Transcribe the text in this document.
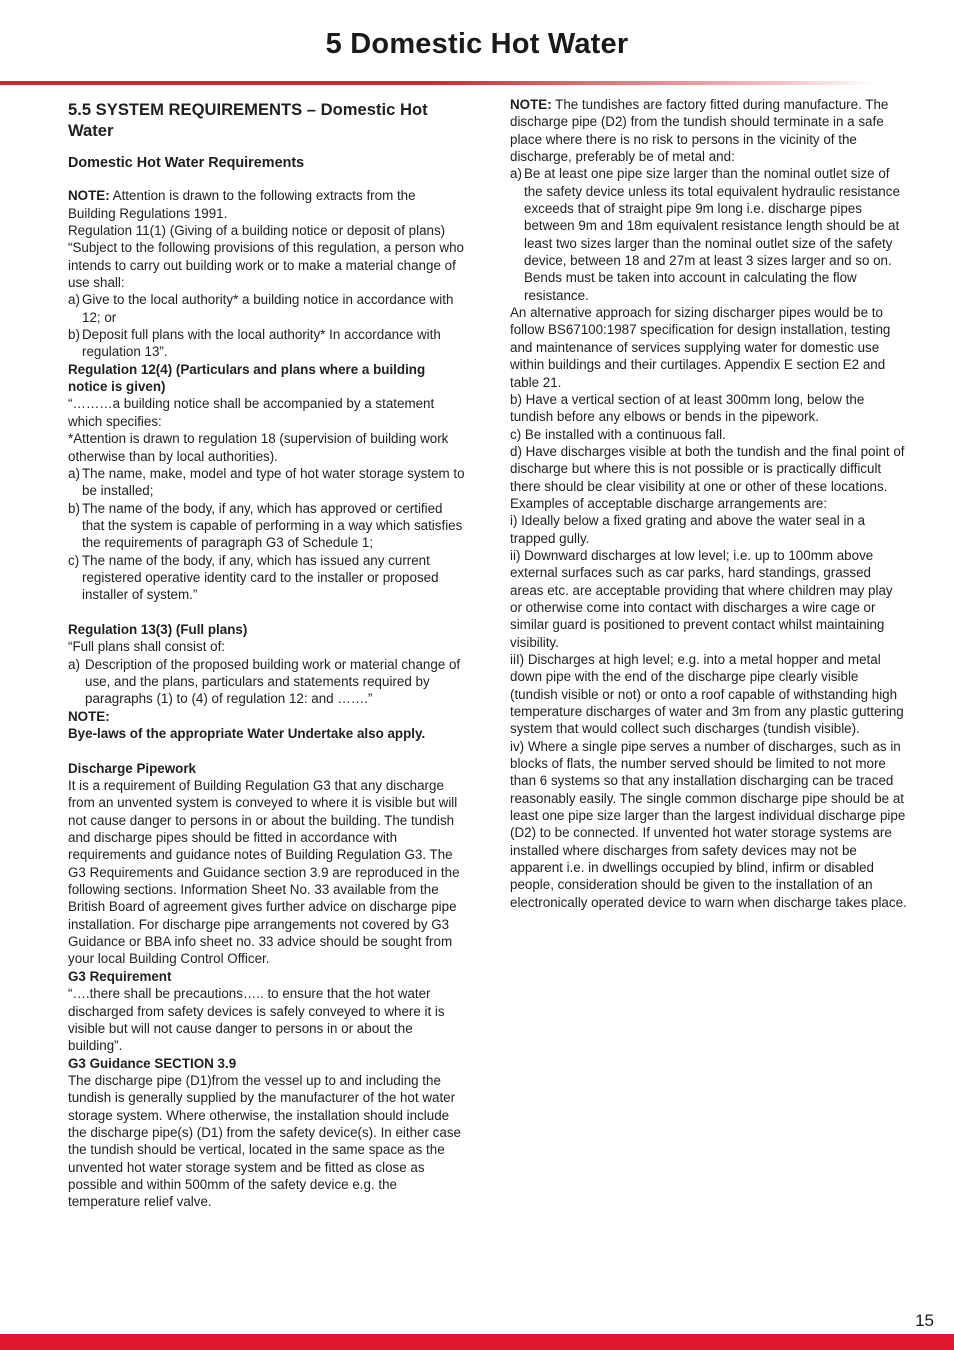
5 Domestic Hot Water

5.5 SYSTEM REQUIREMENTS – Domestic Hot Water

Domestic Hot Water Requirements

NOTE: Attention is drawn to the following extracts from the Building Regulations 1991.

Regulation 11(1) (Giving of a building notice or deposit of plans)

“Subject to the following provisions of this regulation, a person who intends to carry out building work or to make a material change of use shall:

a) Give to the local authority* a building notice in accordance with 12; or
b) Deposit full plans with the local authority* In accordance with regulation 13”.

Regulation 12(4) (Particulars and plans where a building notice is given)

“………a building notice shall be accompanied by a statement which specifies:

*Attention is drawn to regulation 18 (supervision of building work otherwise than by local authorities).

a) The name, make, model and type of hot water storage system to be installed;
b) The name of the body, if any, which has approved or certified that the system is capable of performing in a way which satisfies the requirements of paragraph G3 of Schedule 1;
c) The name of the body, if any, which has issued any current registered operative identity card to the installer or proposed installer of system.”

Regulation 13(3) (Full plans)

“Full plans shall consist of:

a) Description of the proposed building work or material change of use, and the plans, particulars and statements required by paragraphs (1) to (4) of regulation 12: and …….”

NOTE:

Bye-laws of the appropriate Water Undertake also apply.

Discharge Pipework

It is a requirement of Building Regulation G3 that any discharge from an unvented system is conveyed to where it is visible but will not cause danger to persons in or about the building. The tundish and discharge pipes should be fitted in accordance with requirements and guidance notes of Building Regulation G3. The G3 Requirements and Guidance section 3.9 are reproduced in the following sections. Information Sheet No. 33 available from the British Board of agreement gives further advice on discharge pipe installation. For discharge pipe arrangements not covered by G3 Guidance or BBA info sheet no. 33 advice should be sought from your local Building Control Officer.

G3 Requirement

“….there shall be precautions….. to ensure that the hot water discharged from safety devices is safely conveyed to where it is visible but will not cause danger to persons in or about the building”.

G3 Guidance SECTION 3.9

The discharge pipe (D1)from the vessel up to and including the tundish is generally supplied by the manufacturer of the hot water storage system. Where otherwise, the installation should include the discharge pipe(s) (D1) from the safety device(s). In either case the tundish should be vertical, located in the same space as the unvented hot water storage system and be fitted as close as possible and within 500mm of the safety device e.g. the temperature relief valve.

NOTE: The tundishes are factory fitted during manufacture. The discharge pipe (D2) from the tundish should terminate in a safe place where there is no risk to persons in the vicinity of the discharge, preferably be of metal and:

a) Be at least one pipe size larger than the nominal outlet size of the safety device unless its total equivalent hydraulic resistance exceeds that of straight pipe 9m long i.e. discharge pipes between 9m and 18m equivalent resistance length should be at least two sizes larger than the nominal outlet size of the safety device, between 18 and 27m at least 3 sizes larger and so on. Bends must be taken into account in calculating the flow resistance.

An alternative approach for sizing discharger pipes would be to follow BS67100:1987 specification for design installation, testing and maintenance of services supplying water for domestic use within buildings and their curtilages. Appendix E section E2 and table 21.

b) Have a vertical section of at least 300mm long, below the tundish before any elbows or bends in the pipework.

c) Be installed with a continuous fall.

d) Have discharges visible at both the tundish and the final point of discharge but where this is not possible or is practically difficult there should be clear visibility at one or other of these locations. Examples of acceptable discharge arrangements are:

i) Ideally below a fixed grating and above the water seal in a trapped gully.

ii) Downward discharges at low level; i.e. up to 100mm above external surfaces such as car parks, hard standings, grassed areas etc. are acceptable providing that where children may play or otherwise come into contact with discharges a wire cage or similar guard is positioned to prevent contact whilst maintaining visibility.

iiI) Discharges at high level; e.g. into a metal hopper and metal down pipe with the end of the discharge pipe clearly visible (tundish visible or not) or onto a roof capable of withstanding high temperature discharges of water and 3m from any plastic guttering system that would collect such discharges (tundish visible).

iv) Where a single pipe serves a number of discharges, such as in blocks of flats, the number served should be limited to not more than 6 systems so that any installation discharging can be traced reasonably easily. The single common discharge pipe should be at least one pipe size larger than the largest individual discharge pipe (D2) to be connected. If unvented hot water storage systems are installed where discharges from safety devices may not be apparent i.e. in dwellings occupied by blind, infirm or disabled people, consideration should be given to the installation of an electronically operated device to warn when discharge takes place.

15
